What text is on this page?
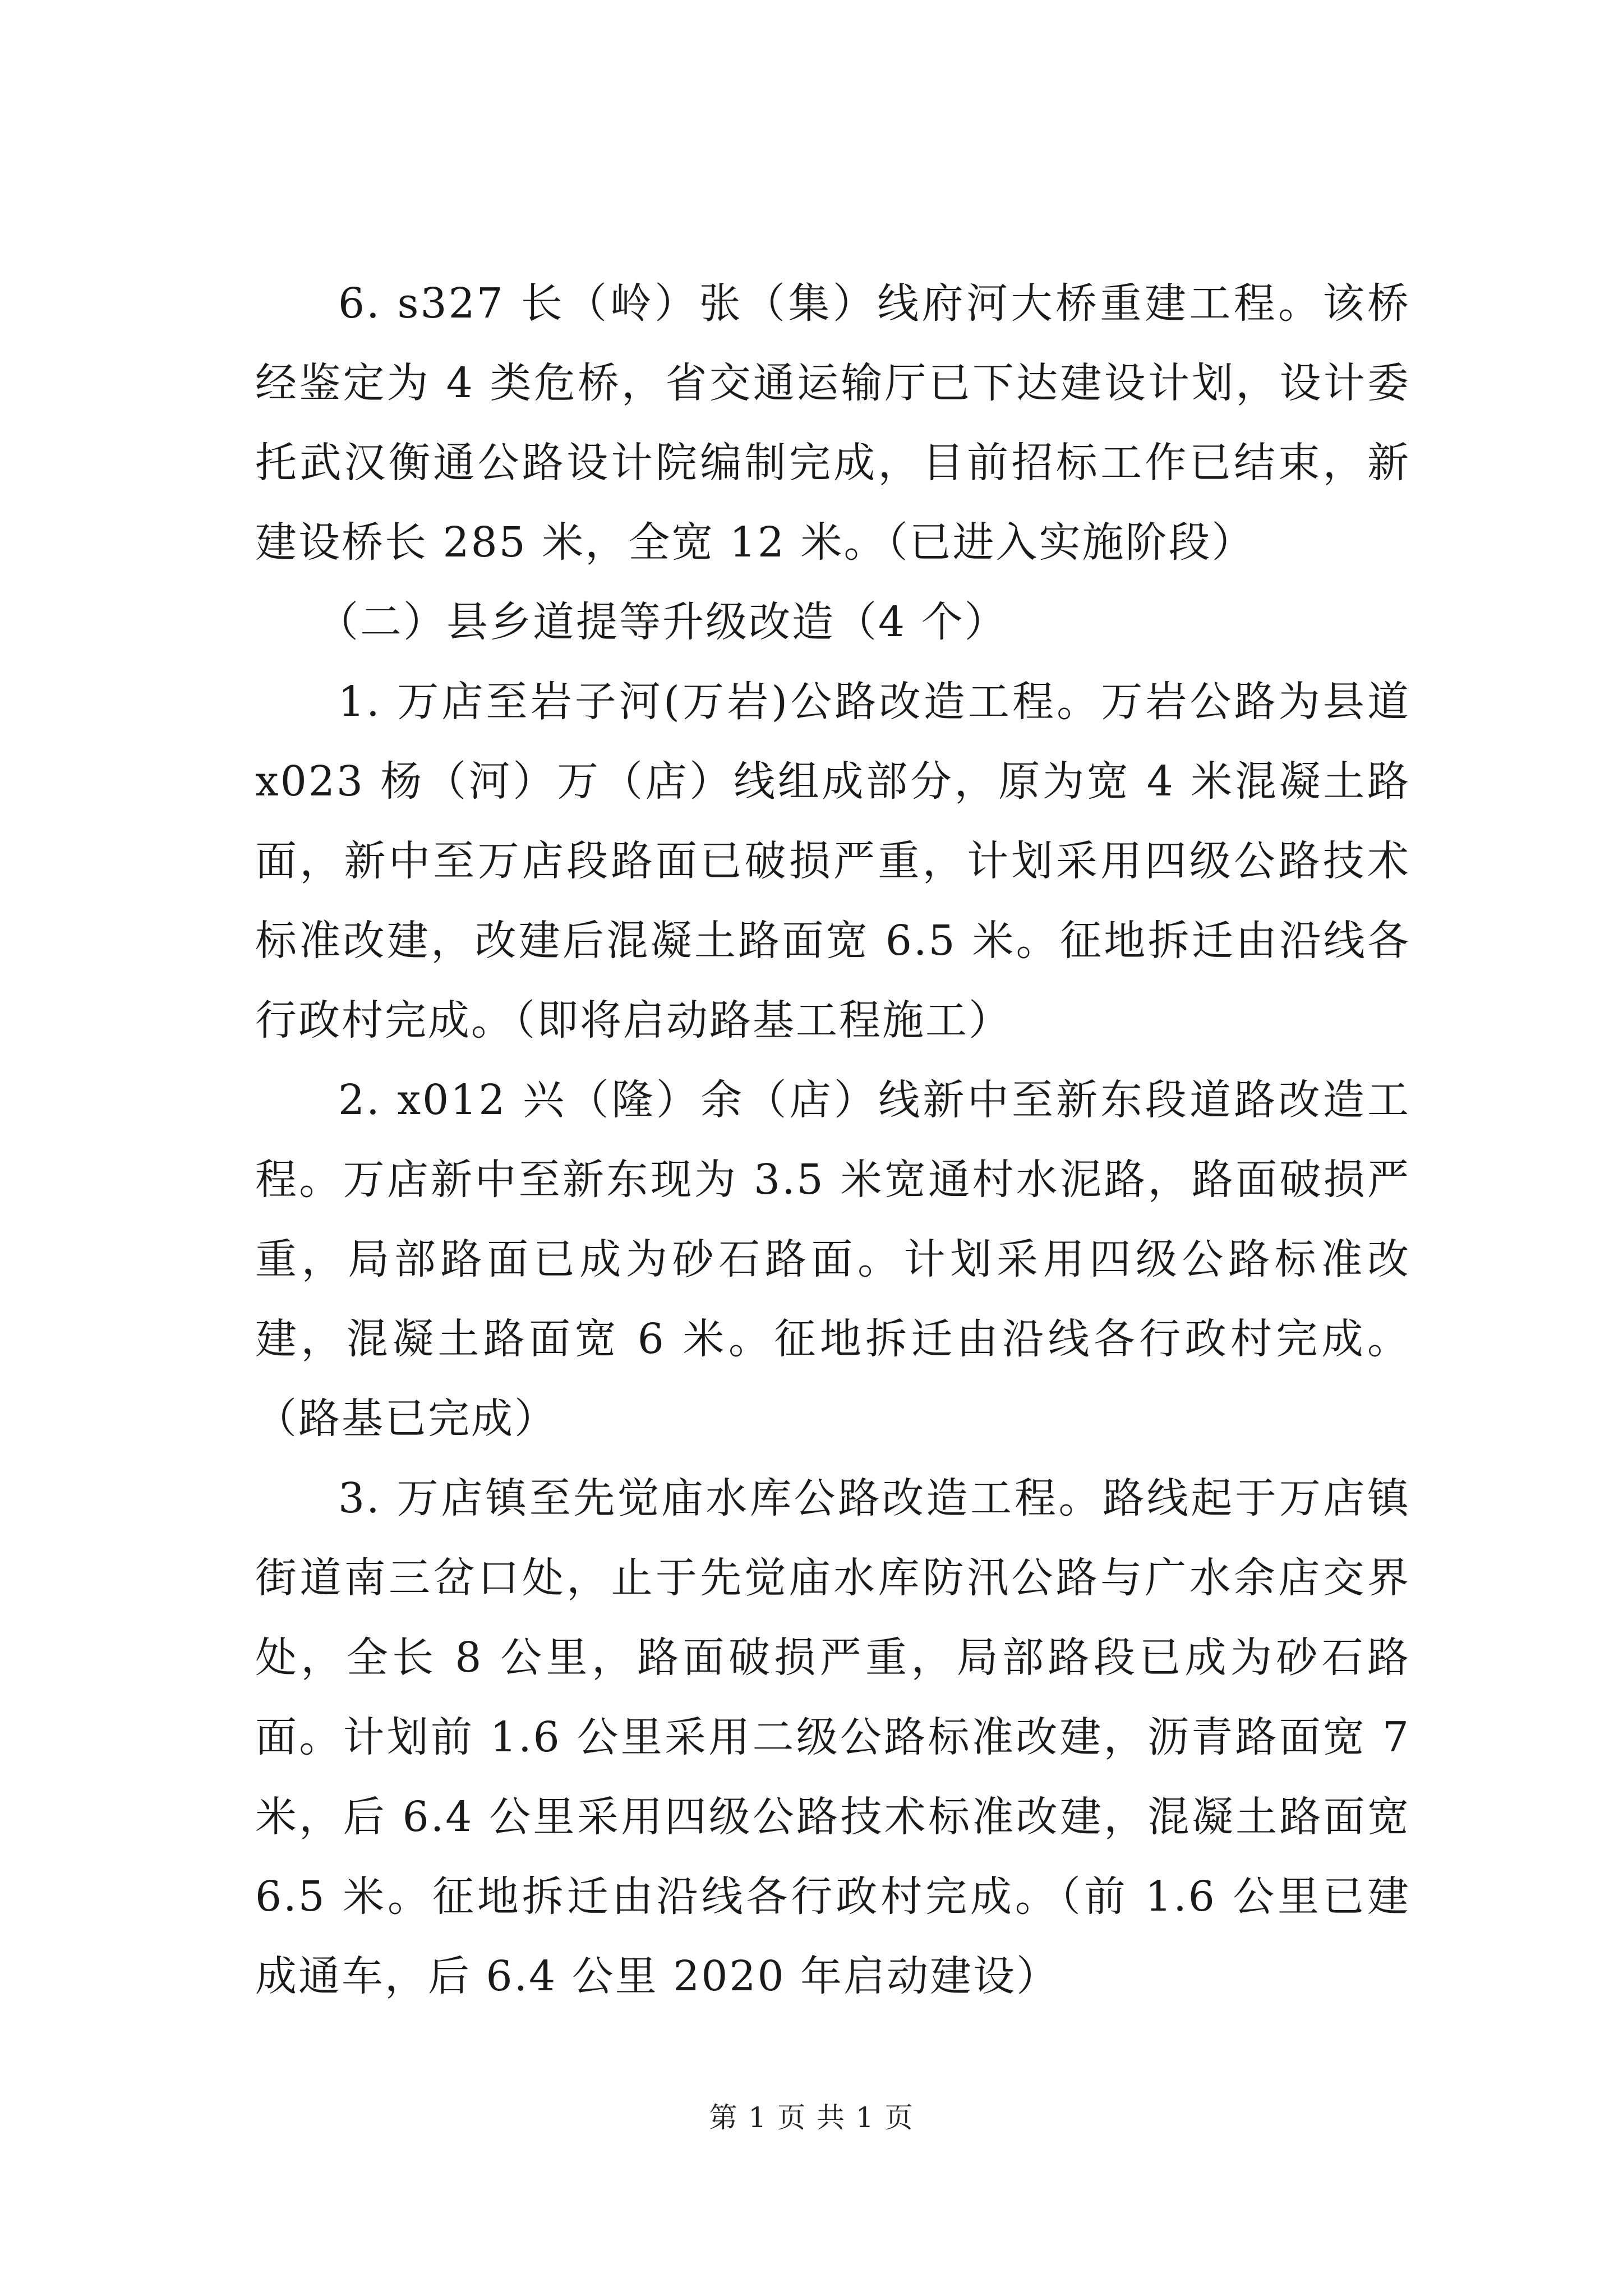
6. s327 长（岭）张（集）线府河大桥重建工程。该桥经鉴定为 4 类危桥，省交通运输厅已下达建设计划，设计委托武汉衡通公路设计院编制完成，目前招标工作已结束，新建设桥长 285 米，全宽 12 米。（已进入实施阶段）

（二）县乡道提等升级改造（4 个）

1. 万店至岩子河(万岩)公路改造工程。万岩公路为县道 x023 杨（河）万（店）线组成部分，原为宽 4 米混凝土路面，新中至万店段路面已破损严重，计划采用四级公路技术标准改建，改建后混凝土路面宽 6.5 米。征地拆迁由沿线各行政村完成。（即将启动路基工程施工）

2. x012 兴（隆）余（店）线新中至新东段道路改造工程。万店新中至新东现为 3.5 米宽通村水泥路，路面破损严重，局部路面已成为砂石路面。计划采用四级公路标准改建，混凝土路面宽 6 米。征地拆迁由沿线各行政村完成。（路基已完成）

3. 万店镇至先觉庙水库公路改造工程。路线起于万店镇街道南三岔口处，止于先觉庙水库防汛公路与广水余店交界处，全长 8 公里，路面破损严重，局部路段已成为砂石路面。计划前 1.6 公里采用二级公路标准改建，沥青路面宽 7 米，后 6.4 公里采用四级公路技术标准改建，混凝土路面宽 6.5 米。征地拆迁由沿线各行政村完成。（前 1.6 公里已建成通车，后 6.4 公里 2020 年启动建设）

第 1 页 共 1 页
